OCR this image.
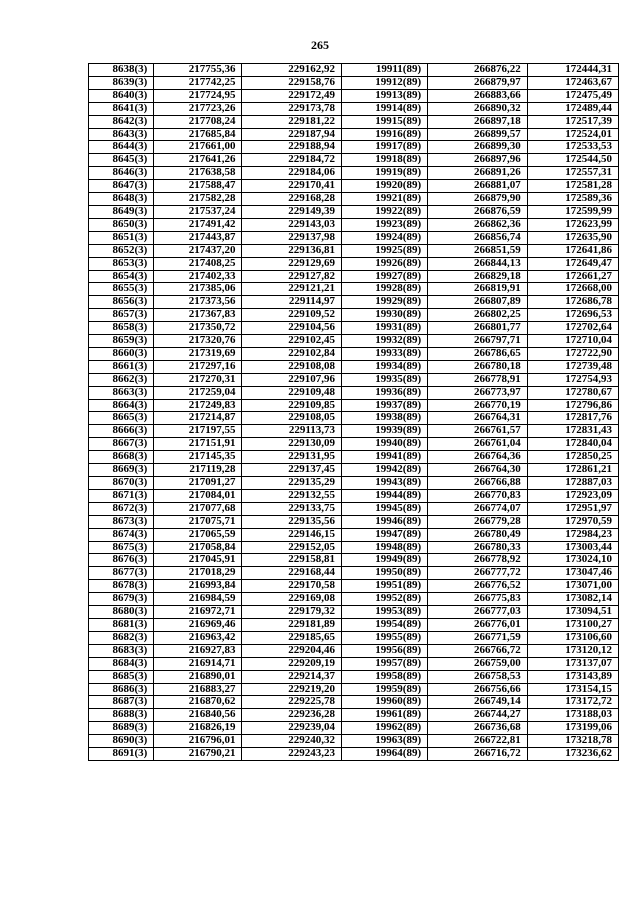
265
8638(3)	217755,36	229162,92	19911(89)	266876,22	172444,31
8639(3)	217742,25	229158,76	19912(89)	266879,97	172463,67
8640(3)	217724,95	229172,49	19913(89)	266883,66	172475,49
8641(3)	217723,26	229173,78	19914(89)	266890,32	172489,44
8642(3)	217708,24	229181,22	19915(89)	266897,18	172517,39
8643(3)	217685,84	229187,94	19916(89)	266899,57	172524,01
8644(3)	217661,00	229188,94	19917(89)	266899,30	172533,53
8645(3)	217641,26	229184,72	19918(89)	266897,96	172544,50
8646(3)	217638,58	229184,06	19919(89)	266891,26	172557,31
8647(3)	217588,47	229170,41	19920(89)	266881,07	172581,28
8648(3)	217582,28	229168,28	19921(89)	266879,90	172589,36
8649(3)	217537,24	229149,39	19922(89)	266876,59	172599,99
8650(3)	217491,42	229143,03	19923(89)	266862,36	172623,99
8651(3)	217443,87	229137,98	19924(89)	266856,74	172635,90
8652(3)	217437,20	229136,81	19925(89)	266851,59	172641,86
8653(3)	217408,25	229129,69	19926(89)	266844,13	172649,47
8654(3)	217402,33	229127,82	19927(89)	266829,18	172661,27
8655(3)	217385,06	229121,21	19928(89)	266819,91	172668,00
8656(3)	217373,56	229114,97	19929(89)	266807,89	172686,78
8657(3)	217367,83	229109,52	19930(89)	266802,25	172696,53
8658(3)	217350,72	229104,56	19931(89)	266801,77	172702,64
8659(3)	217320,76	229102,45	19932(89)	266797,71	172710,04
8660(3)	217319,69	229102,84	19933(89)	266786,65	172722,90
8661(3)	217297,16	229108,08	19934(89)	266780,18	172739,48
8662(3)	217270,31	229107,96	19935(89)	266778,91	172754,93
8663(3)	217259,04	229109,48	19936(89)	266773,97	172780,67
8664(3)	217249,83	229109,85	19937(89)	266770,19	172796,86
8665(3)	217214,87	229108,05	19938(89)	266764,31	172817,76
8666(3)	217197,55	229113,73	19939(89)	266761,57	172831,43
8667(3)	217151,91	229130,09	19940(89)	266761,04	172840,04
8668(3)	217145,35	229131,95	19941(89)	266764,36	172850,25
8669(3)	217119,28	229137,45	19942(89)	266764,30	172861,21
8670(3)	217091,27	229135,29	19943(89)	266766,88	172887,03
8671(3)	217084,01	229132,55	19944(89)	266770,83	172923,09
8672(3)	217077,68	229133,75	19945(89)	266774,07	172951,97
8673(3)	217075,71	229135,56	19946(89)	266779,28	172970,59
8674(3)	217065,59	229146,15	19947(89)	266780,49	172984,23
8675(3)	217058,84	229152,05	19948(89)	266780,33	173003,44
8676(3)	217045,91	229158,81	19949(89)	266778,92	173024,10
8677(3)	217018,29	229168,44	19950(89)	266777,72	173047,46
8678(3)	216993,84	229170,58	19951(89)	266776,52	173071,00
8679(3)	216984,59	229169,08	19952(89)	266775,83	173082,14
8680(3)	216972,71	229179,32	19953(89)	266777,03	173094,51
8681(3)	216969,46	229181,89	19954(89)	266776,01	173100,27
8682(3)	216963,42	229185,65	19955(89)	266771,59	173106,60
8683(3)	216927,83	229204,46	19956(89)	266766,72	173120,12
8684(3)	216914,71	229209,19	19957(89)	266759,00	173137,07
8685(3)	216890,01	229214,37	19958(89)	266758,53	173143,89
8686(3)	216883,27	229219,20	19959(89)	266756,66	173154,15
8687(3)	216870,62	229225,78	19960(89)	266749,14	173172,72
8688(3)	216840,56	229236,28	19961(89)	266744,27	173188,03
8689(3)	216826,19	229239,04	19962(89)	266736,68	173199,06
8690(3)	216796,01	229240,32	19963(89)	266722,81	173218,78
8691(3)	216790,21	229243,23	19964(89)	266716,72	173236,62
